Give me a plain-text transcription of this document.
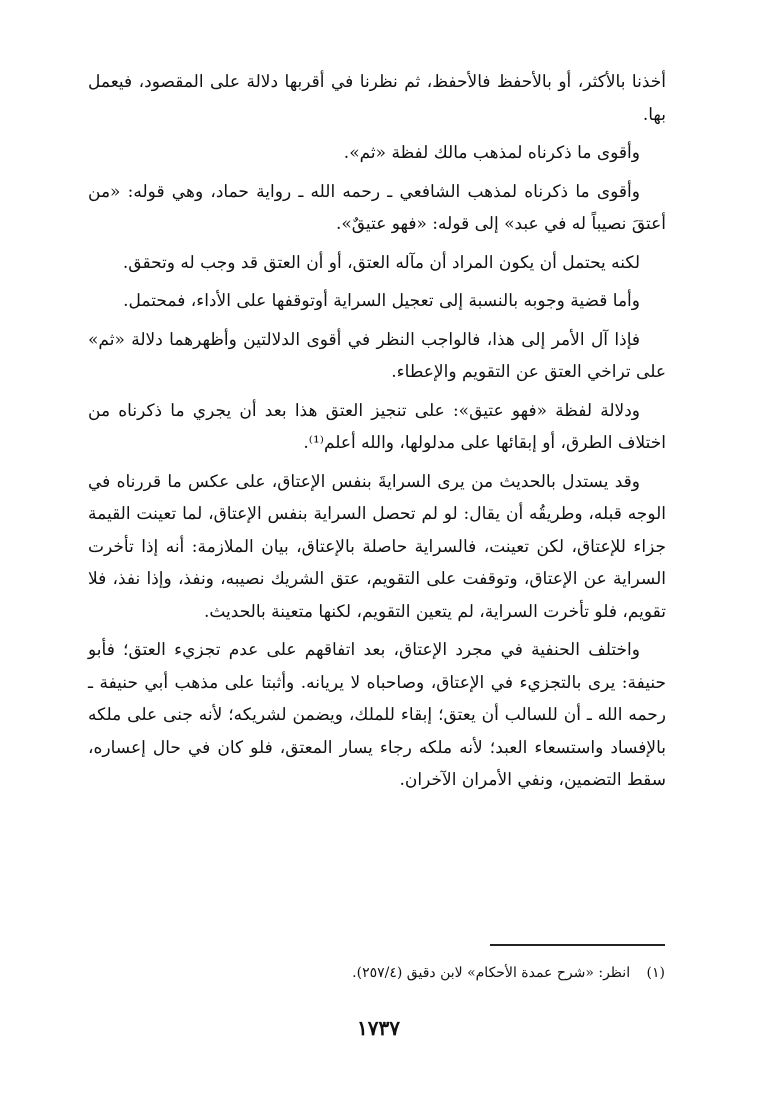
أخذنا بالأكثر، أو بالأحفظ فالأحفظ، ثم نظرنا في أقربها دلالة على المقصود، فيعمل بها.

وأقوى ما ذكرناه لمذهب مالك لفظة «ثم».

وأقوى ما ذكرناه لمذهب الشافعي ـ رحمه الله ـ رواية حماد، وهي قوله: «من أعتقَ نصيباً له في عبد» إلى قوله: «فهو عتيقٌ».

لكنه يحتمل أن يكون المراد أن مآله العتق، أو أن العتق قد وجب له وتحقق.

وأما قضية وجوبه بالنسبة إلى تعجيل السراية أوتوقفها على الأداء، فمحتمل.

فإذا آل الأمر إلى هذا، فالواجب النظر في أقوى الدلالتين وأظهرهما دلالة «ثم» على تراخي العتق عن التقويم والإعطاء.

ودلالة لفظة «فهو عتيق»: على تنجيز العتق هذا بعد أن يجري ما ذكرناه من اختلاف الطرق، أو إبقائها على مدلولها، والله أعلم⁽¹⁾.

وقد يستدل بالحديث من يرى السرايةَ بنفس الإعتاق، على عكس ما قررناه في الوجه قبله، وطريقُه أن يقال: لو لم تحصل السراية بنفس الإعتاق، لما تعينت القيمة جزاء للإعتاق، لكن تعينت، فالسراية حاصلة بالإعتاق، بيان الملازمة: أنه إذا تأخرت السراية عن الإعتاق، وتوقفت على التقويم، عتق الشريك نصيبه، ونفذ، وإذا نفذ، فلا تقويم، فلو تأخرت السراية، لم يتعين التقويم، لكنها متعينة بالحديث.

واختلف الحنفية في مجرد الإعتاق، بعد اتفاقهم على عدم تجزيء العتق؛ فأبو حنيفة: يرى بالتجزيء في الإعتاق، وصاحباه لا يريانه. وأثبتا على مذهب أبي حنيفة ـ رحمه الله ـ أن للسالب أن يعتق؛ إبقاء للملك، ويضمن لشريكه؛ لأنه جنى على ملكه بالإفساد واستسعاء العبد؛ لأنه ملكه رجاء يسار المعتق، فلو كان في حال إعساره، سقط التضمين، ونفي الأمران الآخران.

(١) انظر: «شرح عمدة الأحكام» لابن دقيق (٢٥٧/٤).
١٧٣٧
